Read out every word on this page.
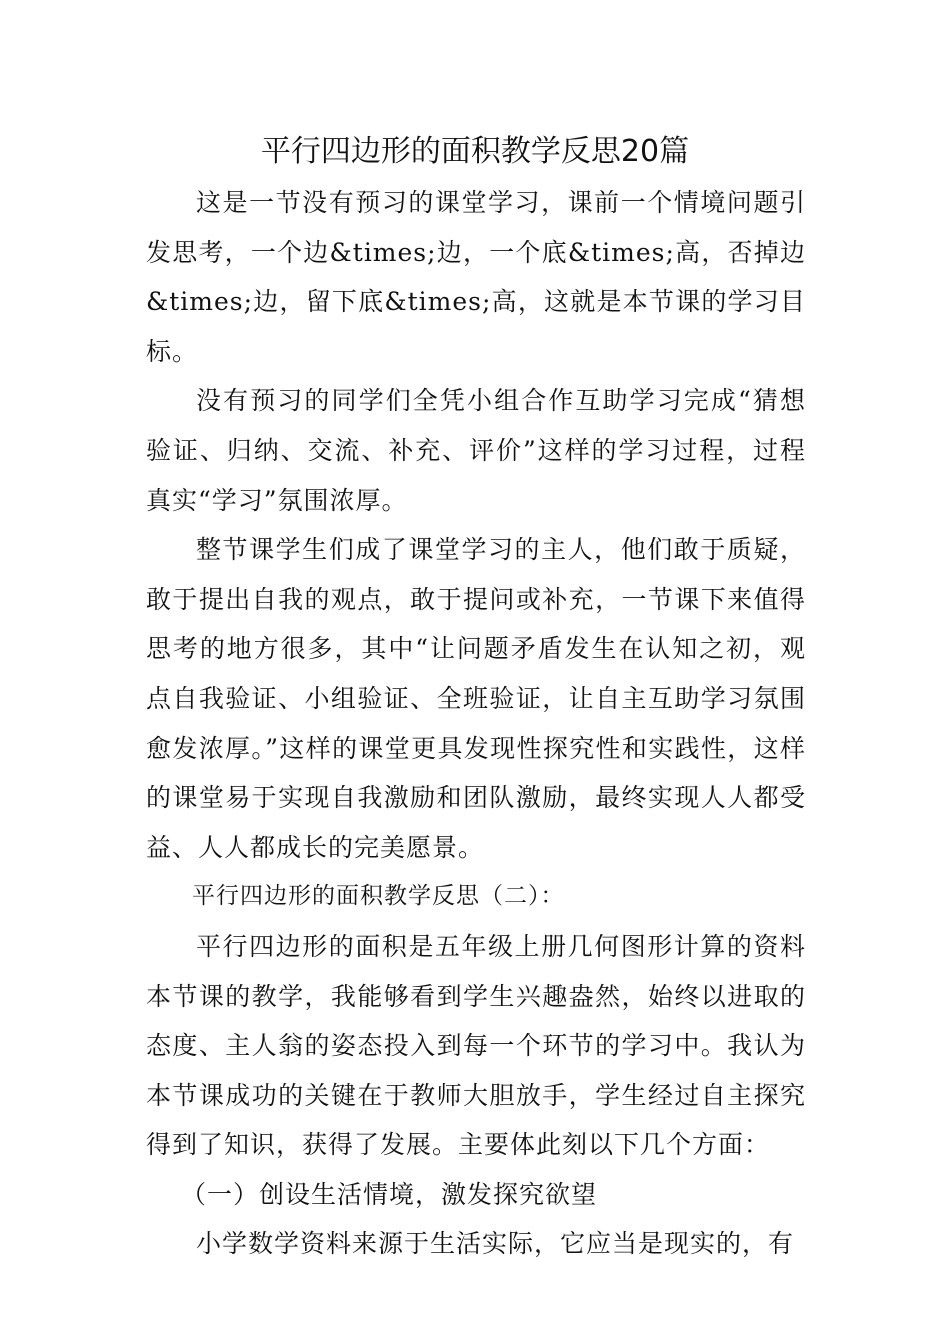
平行四边形的面积教学反思20篇

这是一节没有预习的课堂学习，课前一个情境问题引发思考，一个边&times;边，一个底&times;高，否掉边&times;边，留下底&times;高，这就是本节课的学习目标。

没有预习的同学们全凭小组合作互助学习完成“猜想验证、归纳、交流、补充、评价”这样的学习过程，过程真实“学习”氛围浓厚。

整节课学生们成了课堂学习的主人，他们敢于质疑，敢于提出自我的观点，敢于提问或补充，一节课下来值得思考的地方很多，其中“让问题矛盾发生在认知之初，观点自我验证、小组验证、全班验证，让自主互助学习氛围愈发浓厚。”这样的课堂更具发现性探究性和实践性，这样的课堂易于实现自我激励和团队激励，最终实现人人都受益、人人都成长的完美愿景。

平行四边形的面积教学反思（二）：

平行四边形的面积是五年级上册几何图形计算的资料本节课的教学，我能够看到学生兴趣盎然，始终以进取的态度、主人翁的姿态投入到每一个环节的学习中。我认为本节课成功的关键在于教师大胆放手，学生经过自主探究得到了知识，获得了发展。主要体此刻以下几个方面：

（一）创设生活情境，激发探究欲望

小学数学资料来源于生活实际，它应当是现实的，有
